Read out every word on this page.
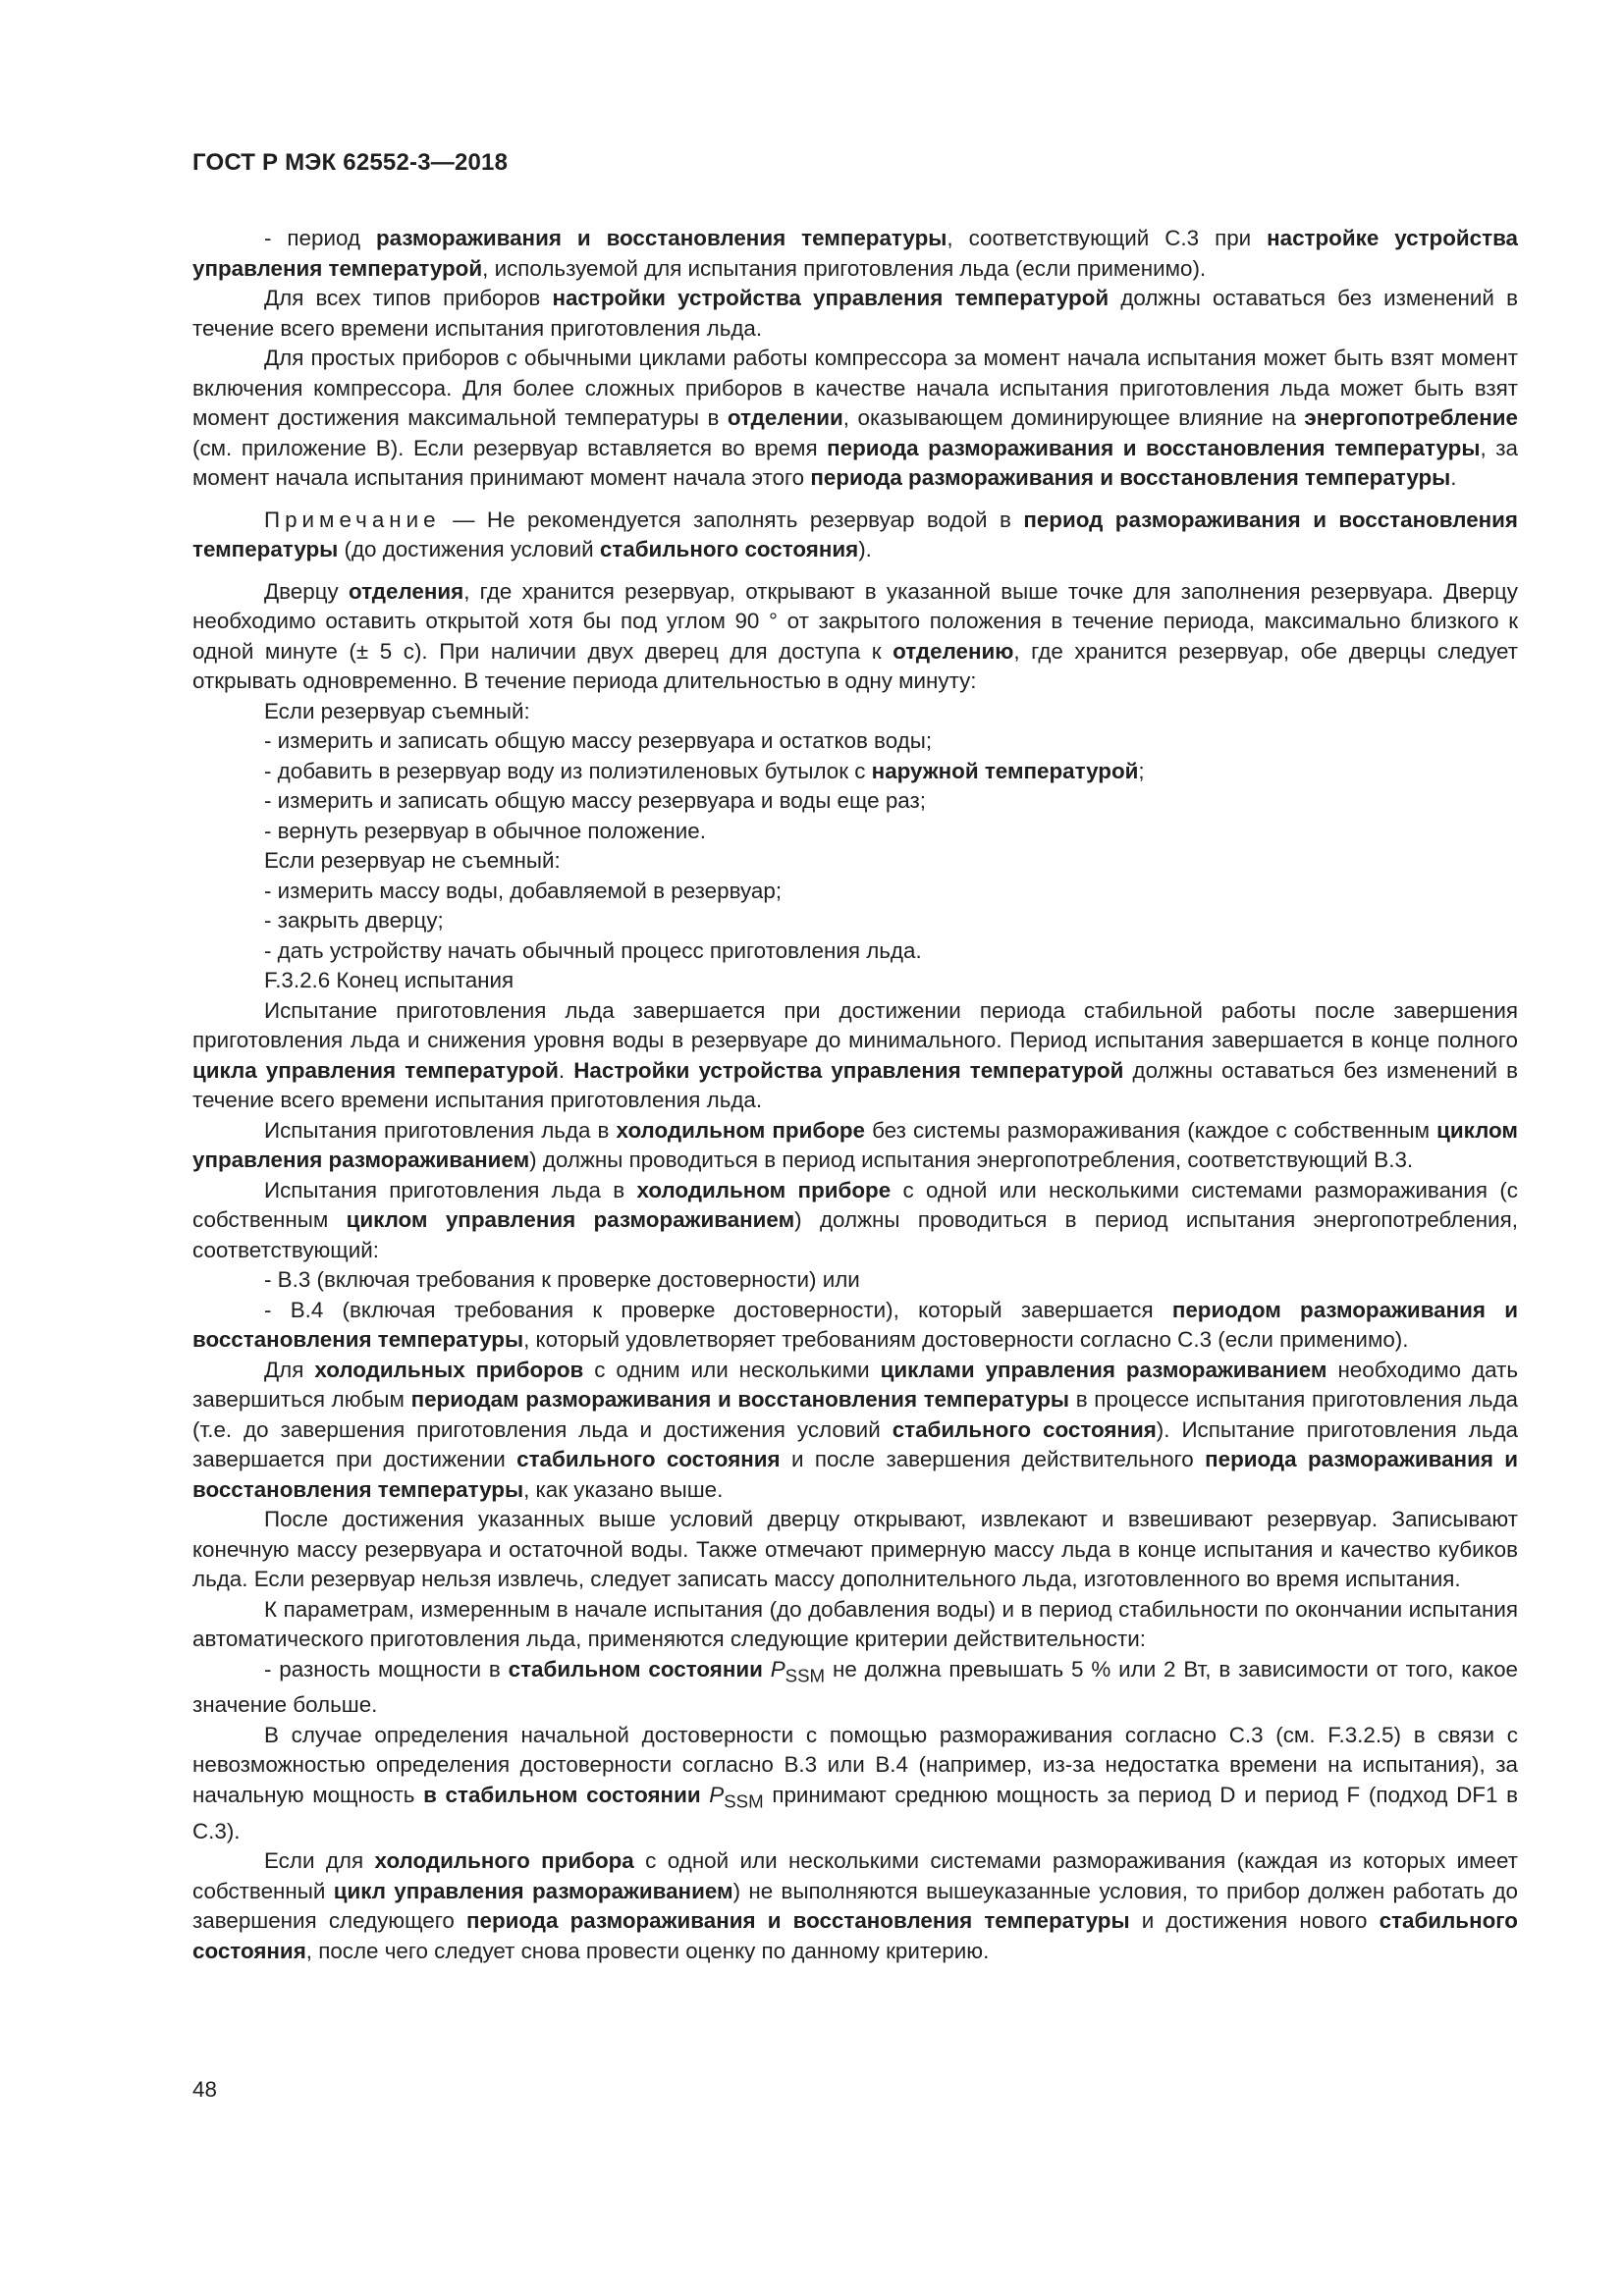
ГОСТ Р МЭК 62552-3—2018

- период размораживания и восстановления температуры, соответствующий С.3 при настройке устройства управления температурой, используемой для испытания приготовления льда (если применимо).

Для всех типов приборов настройки устройства управления температурой должны оставаться без изменений в течение всего времени испытания приготовления льда.

Для простых приборов с обычными циклами работы компрессора за момент начала испытания может быть взят момент включения компрессора. Для более сложных приборов в качестве начала испытания приготовления льда может быть взят момент достижения максимальной температуры в отделении, оказывающем доминирующее влияние на энергопотребление (см. приложение В). Если резервуар вставляется во время периода размораживания и восстановления температуры, за момент начала испытания принимают момент начала этого периода размораживания и восстановления температуры.

Примечание — Не рекомендуется заполнять резервуар водой в период размораживания и восстановления температуры (до достижения условий стабильного состояния).

Дверцу отделения, где хранится резервуар, открывают в указанной выше точке для заполнения резервуара. Дверцу необходимо оставить открытой хотя бы под углом 90 ° от закрытого положения в течение периода, максимально близкого к одной минуте (± 5 с). При наличии двух дверец для доступа к отделению, где хранится резервуар, обе дверцы следует открывать одновременно. В течение периода длительностью в одну минуту:

Если резервуар съемный:

- измерить и записать общую массу резервуара и остатков воды;

- добавить в резервуар воду из полиэтиленовых бутылок с наружной температурой;

- измерить и записать общую массу резервуара и воды еще раз;

- вернуть резервуар в обычное положение.

Если резервуар не съемный:

- измерить массу воды, добавляемой в резервуар;

- закрыть дверцу;

- дать устройству начать обычный процесс приготовления льда.

F.3.2.6 Конец испытания

Испытание приготовления льда завершается при достижении периода стабильной работы после завершения приготовления льда и снижения уровня воды в резервуаре до минимального. Период испытания завершается в конце полного цикла управления температурой. Настройки устройства управления температурой должны оставаться без изменений в течение всего времени испытания приготовления льда.

Испытания приготовления льда в холодильном приборе без системы размораживания (каждое с собственным циклом управления размораживанием) должны проводиться в период испытания энергопотребления, соответствующий В.3.

Испытания приготовления льда в холодильном приборе с одной или несколькими системами размораживания (с собственным циклом управления размораживанием) должны проводиться в период испытания энергопотребления, соответствующий:

- В.3 (включая требования к проверке достоверности) или

- В.4 (включая требования к проверке достоверности), который завершается периодом размораживания и восстановления температуры, который удовлетворяет требованиям достоверности согласно С.3 (если применимо).

Для холодильных приборов с одним или несколькими циклами управления размораживанием необходимо дать завершиться любым периодам размораживания и восстановления температуры в процессе испытания приготовления льда (т.е. до завершения приготовления льда и достижения условий стабильного состояния). Испытание приготовления льда завершается при достижении стабильного состояния и после завершения действительного периода размораживания и восстановления температуры, как указано выше.

После достижения указанных выше условий дверцу открывают, извлекают и взвешивают резервуар. Записывают конечную массу резервуара и остаточной воды. Также отмечают примерную массу льда в конце испытания и качество кубиков льда. Если резервуар нельзя извлечь, следует записать массу дополнительного льда, изготовленного во время испытания.

К параметрам, измеренным в начале испытания (до добавления воды) и в период стабильности по окончании испытания автоматического приготовления льда, применяются следующие критерии действительности:

- разность мощности в стабильном состоянии $P_{SSM}$ не должна превышать 5 % или 2 Вт, в зависимости от того, какое значение больше.

В случае определения начальной достоверности с помощью размораживания согласно С.3 (см. F.3.2.5) в связи с невозможностью определения достоверности согласно В.3 или В.4 (например, из-за недостатка времени на испытания), за начальную мощность в стабильном состоянии $P_{SSM}$ принимают среднюю мощность за период D и период F (подход DF1 в С.3).

Если для холодильного прибора с одной или несколькими системами размораживания (каждая из которых имеет собственный цикл управления размораживанием) не выполняются вышеуказанные условия, то прибор должен работать до завершения следующего периода размораживания и восстановления температуры и достижения нового стабильного состояния, после чего следует снова провести оценку по данному критерию.

48
